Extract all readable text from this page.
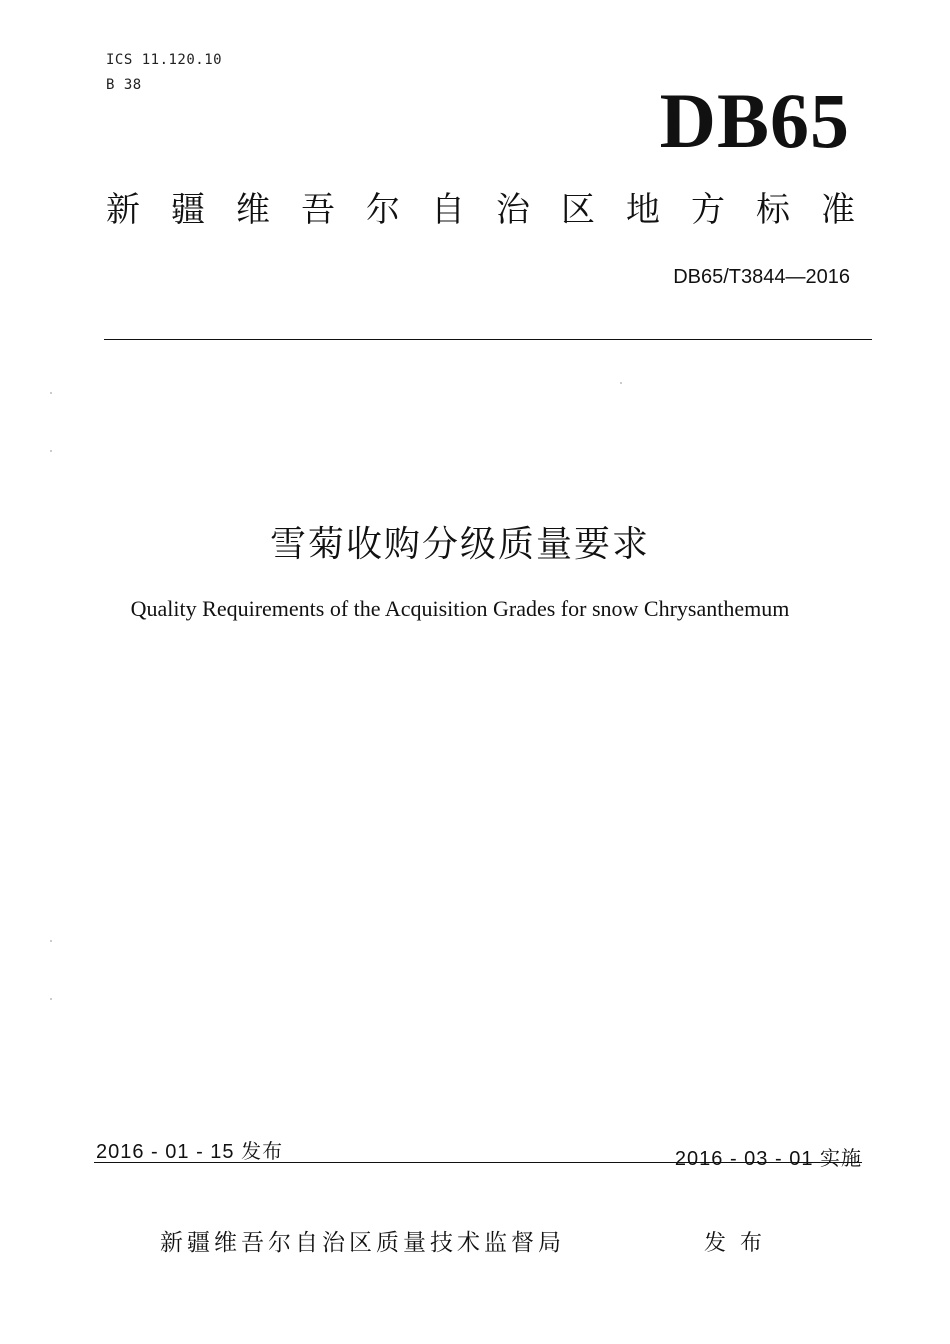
ICS 11.120.10
B 38	DB65
新疆维吾尔自治区地方标准
DB65/T3844—2016
雪菊收购分级质量要求
Quality Requirements of the Acquisition Grades for snow Chrysanthemum
2016 - 01 - 15 发布	2016 - 03 - 01 实施
新疆维吾尔自治区质量技术监督局	发布
